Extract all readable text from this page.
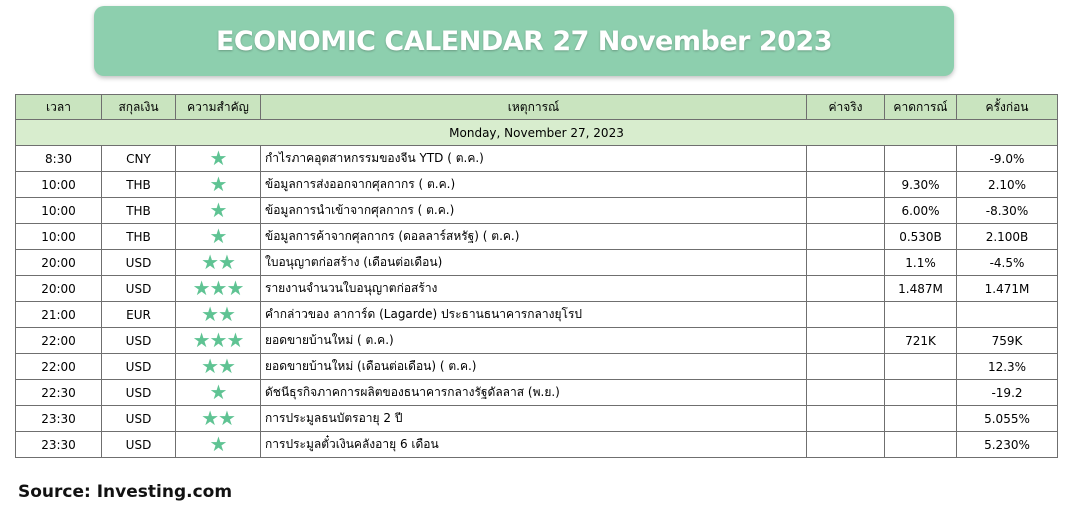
ECONOMIC CALENDAR 27 November 2023
เวลา	สกุลเงิน	ความสำคัญ	เหตุการณ์	ค่าจริง	คาดการณ์	ครั้งก่อน
Monday, November 27, 2023						
8:30	CNY	★	กำไรภาคอุตสาหกรรมของจีน YTD ( ต.ค.)			-9.0%
10:00	THB	★	ข้อมูลการส่งออกจากศุลกากร ( ต.ค.)		9.30%	2.10%
10:00	THB	★	ข้อมูลการนำเข้าจากศุลกากร ( ต.ค.)		6.00%	-8.30%
10:00	THB	★	ข้อมูลการค้าจากศุลกากร (ดอลลาร์สหรัฐ) ( ต.ค.)		0.530B	2.100B
20:00	USD	★★	ใบอนุญาตก่อสร้าง (เดือนต่อเดือน)		1.1%	-4.5%
20:00	USD	★★★	รายงานจำนวนใบอนุญาตก่อสร้าง		1.487M	1.471M
21:00	EUR	★★	คำกล่าวของ ลาการ์ด (Lagarde) ประธานธนาคารกลางยุโรป			
22:00	USD	★★★	ยอดขายบ้านใหม่ ( ต.ค.)		721K	759K
22:00	USD	★★	ยอดขายบ้านใหม่ (เดือนต่อเดือน) ( ต.ค.)			12.3%
22:30	USD	★	ดัชนีธุรกิจภาคการผลิตของธนาคารกลางรัฐดัลลาส (พ.ย.)			-19.2
23:30	USD	★★	การประมูลธนบัตรอายุ 2 ปี			5.055%
23:30	USD	★	การประมูลตั๋วเงินคลังอายุ 6 เดือน			5.230%
Source: Investing.com
